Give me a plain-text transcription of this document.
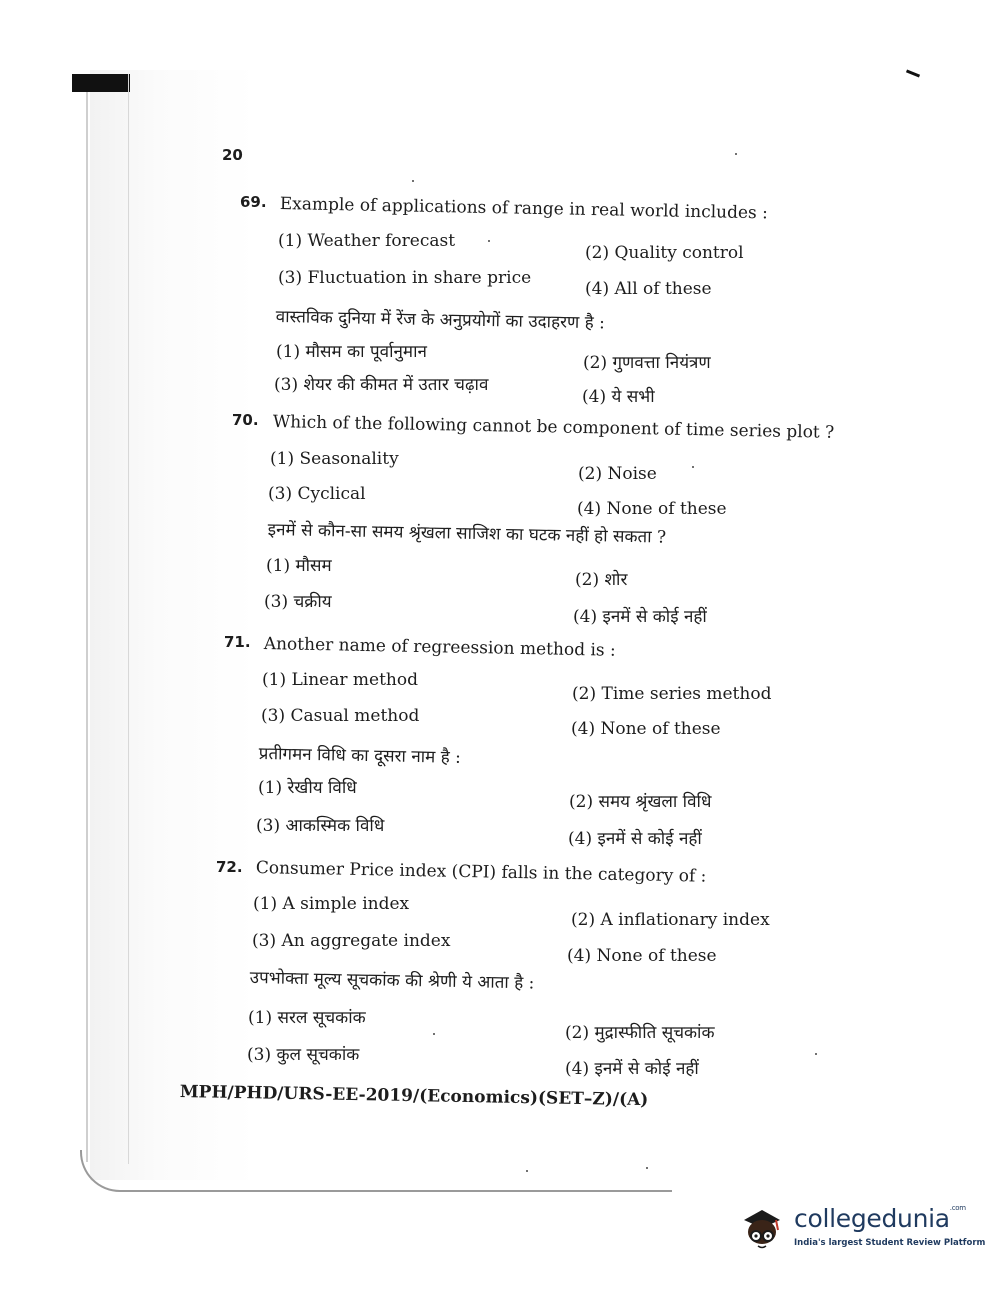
20
69. Example of applications of range in real world includes :
(1) Weather forecast
(2) Quality control
(3) Fluctuation in share price
(4) All of these
वास्तविक दुनिया में रेंज के अनुप्रयोगों का उदाहरण है :
(1) मौसम का पूर्वानुमान
(2) गुणवत्ता नियंत्रण
(3) शेयर की कीमत में उतार चढ़ाव
(4) ये सभी
70. Which of the following cannot be component of time series plot ?
(1) Seasonality
(2) Noise
(3) Cyclical
(4) None of these
इनमें से कौन-सा समय श्रृंखला साजिश का घटक नहीं हो सकता ?
(1) मौसम
(2) शोर
(3) चक्रीय
(4) इनमें से कोई नहीं
71. Another name of regreession method is :
(1) Linear method
(2) Time series method
(3) Casual method
(4) None of these
प्रतीगमन विधि का दूसरा नाम है :
(1) रेखीय विधि
(2) समय श्रृंखला विधि
(3) आकस्मिक विधि
(4) इनमें से कोई नहीं
72. Consumer Price index (CPI) falls in the category of :
(1) A simple index
(2) A inflationary index
(3) An aggregate index
(4) None of these
उपभोक्ता मूल्य सूचकांक की श्रेणी ये आता है :
(1) सरल सूचकांक
(2) मुद्रास्फीति सूचकांक
(3) कुल सूचकांक
(4) इनमें से कोई नहीं
MPH/PHD/URS-EE-2019/(Economics)(SET–Z)/(A)
collegedunia$^{.com}$
India's largest Student Review Platform
